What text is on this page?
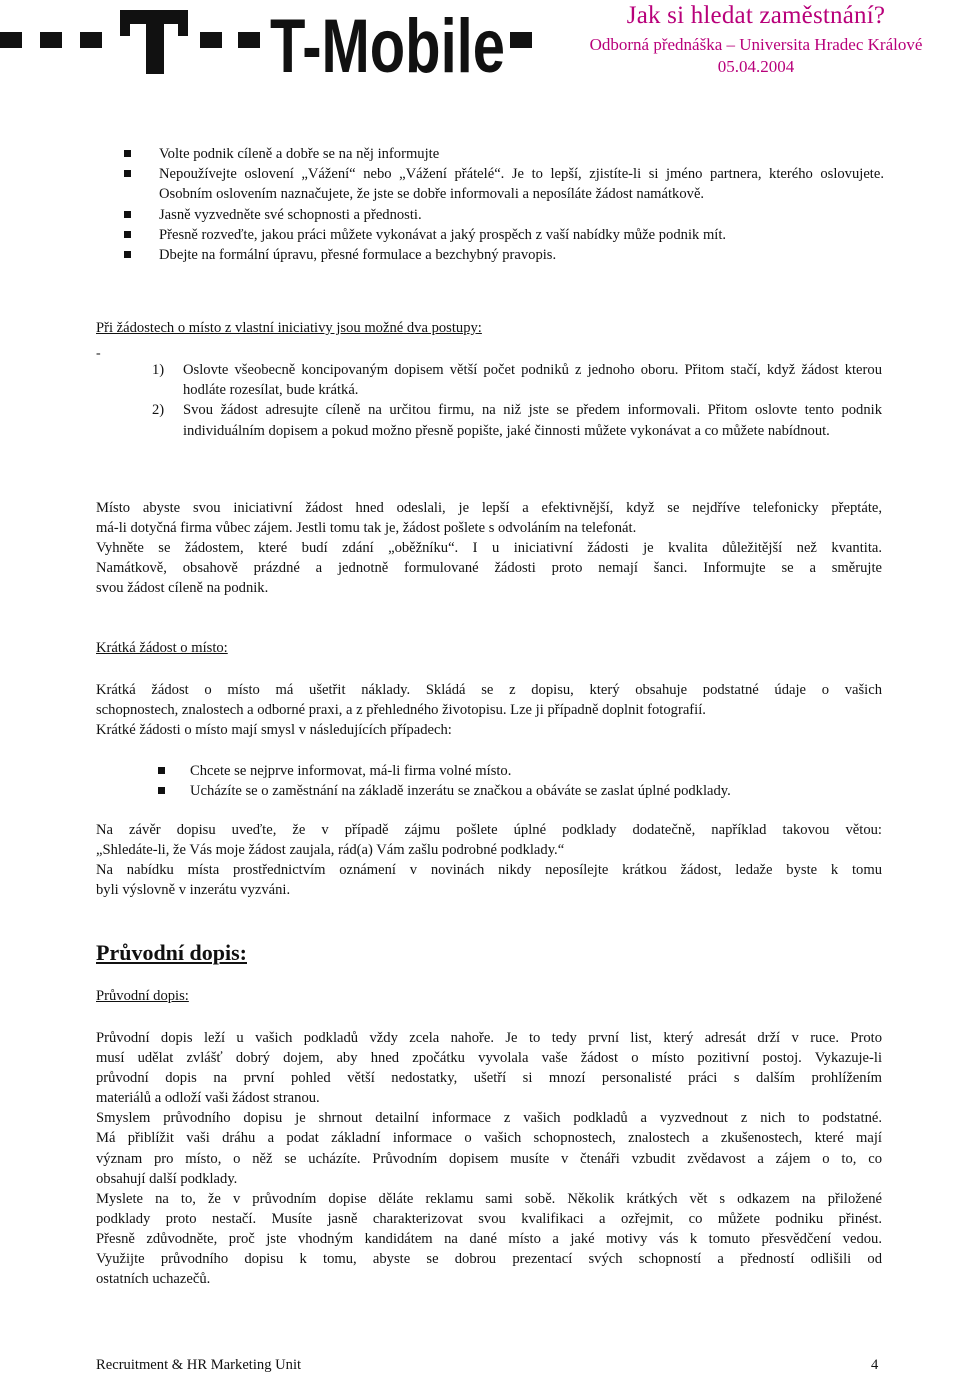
T-Mobile	Jak si hledat zaměstnání?
Odborná přednáška – Universita Hradec Králové
05.04.2004
Volte podnik cíleně a dobře se na něj informujte
Nepoužívejte oslovení „Vážení“ nebo „Vážení přátelé“. Je to lepší, zjistíte-li si jméno partnera, kterého oslovujete. Osobním oslovením naznačujete, že jste se dobře informovali a neposíláte žádost namátkově.
Jasně vyzvedněte své schopnosti a přednosti.
Přesně rozveďte, jakou práci můžete vykonávat a jaký prospěch z vaší nabídky může podnik mít.
Dbejte na formální úpravu, přesné formulace a bezchybný pravopis.
Při žádostech o místo z vlastní iniciativy jsou možné dva postupy:
-
1) Oslovte všeobecně koncipovaným dopisem větší počet podniků z jednoho oboru. Přitom stačí, když žádost kterou hodláte rozesílat, bude krátká.
2) Svou žádost adresujte cíleně na určitou firmu, na niž jste se předem informovali. Přitom oslovte tento podnik individuálním dopisem a pokud možno přesně popište, jaké činnosti můžete vykonávat a co můžete nabídnout.
Místo abyste svou iniciativní žádost hned odeslali, je lepší a efektivnější, když se nejdříve telefonicky přeptáte,
má-li dotyčná firma vůbec zájem. Jestli tomu tak je, žádost pošlete s odvoláním na telefonát.
Vyhněte se žádostem, které budí zdání „oběžníku“. I u iniciativní žádosti je kvalita důležitější než kvantita.
Namátkově, obsahově prázdné a jednotně formulované žádosti proto nemají šanci. Informujte se a směrujte
svou žádost cíleně na podnik.
Krátká žádost o místo:
Krátká žádost o místo má ušetřit náklady. Skládá se z dopisu, který obsahuje podstatné údaje o vašich
schopnostech, znalostech a odborné praxi, a z přehledného životopisu. Lze ji případně doplnit fotografií.
Krátké žádosti o místo mají smysl v následujících případech:
Chcete se nejprve informovat, má-li firma volné místo.
Ucházíte se o zaměstnání na základě inzerátu se značkou a obáváte se zaslat úplné podklady.
Na závěr dopisu uveďte, že v případě zájmu pošlete úplné podklady dodatečně, například takovou větou:
„Shledáte-li, že Vás moje žádost zaujala, rád(a) Vám zašlu podrobné podklady.“
Na nabídku místa prostřednictvím oznámení v novinách nikdy neposílejte krátkou žádost, ledaže byste k tomu
byli výslovně v inzerátu vyzváni.
Průvodní dopis:
Průvodní dopis:
Průvodní dopis leží u vašich podkladů vždy zcela nahoře. Je to tedy první list, který adresát drží v ruce. Proto
musí udělat zvlášť dobrý dojem, aby hned zpočátku vyvolala vaše žádost o místo pozitivní postoj. Vykazuje-li
průvodní dopis na první pohled větší nedostatky, ušetří si mnozí personalisté práci s dalším prohlížením
materiálů a odloží vaši žádost stranou.
Smyslem průvodního dopisu je shrnout detailní informace z vašich podkladů a vyzvednout z nich to podstatné.
Má přiblížit vaši dráhu a podat základní informace o vašich schopnostech, znalostech a zkušenostech, které mají
význam pro místo, o něž se ucházíte. Průvodním dopisem musíte v čtenáři vzbudit zvědavost a zájem o to, co
obsahují další podklady.
Myslete na to, že v průvodním dopise děláte reklamu sami sobě. Několik krátkých vět s odkazem na přiložené
podklady proto nestačí. Musíte jasně charakterizovat svou kvalifikaci a ozřejmit, co můžete podniku přinést.
Přesně zdůvodněte, proč jste vhodným kandidátem na dané místo a jaké motivy vás k tomuto přesvědčení vedou.
Využijte průvodního dopisu k tomu, abyste se dobrou prezentací svých schopností a předností odlišili od
ostatních uchazečů.
Recruitment & HR Marketing Unit	4
